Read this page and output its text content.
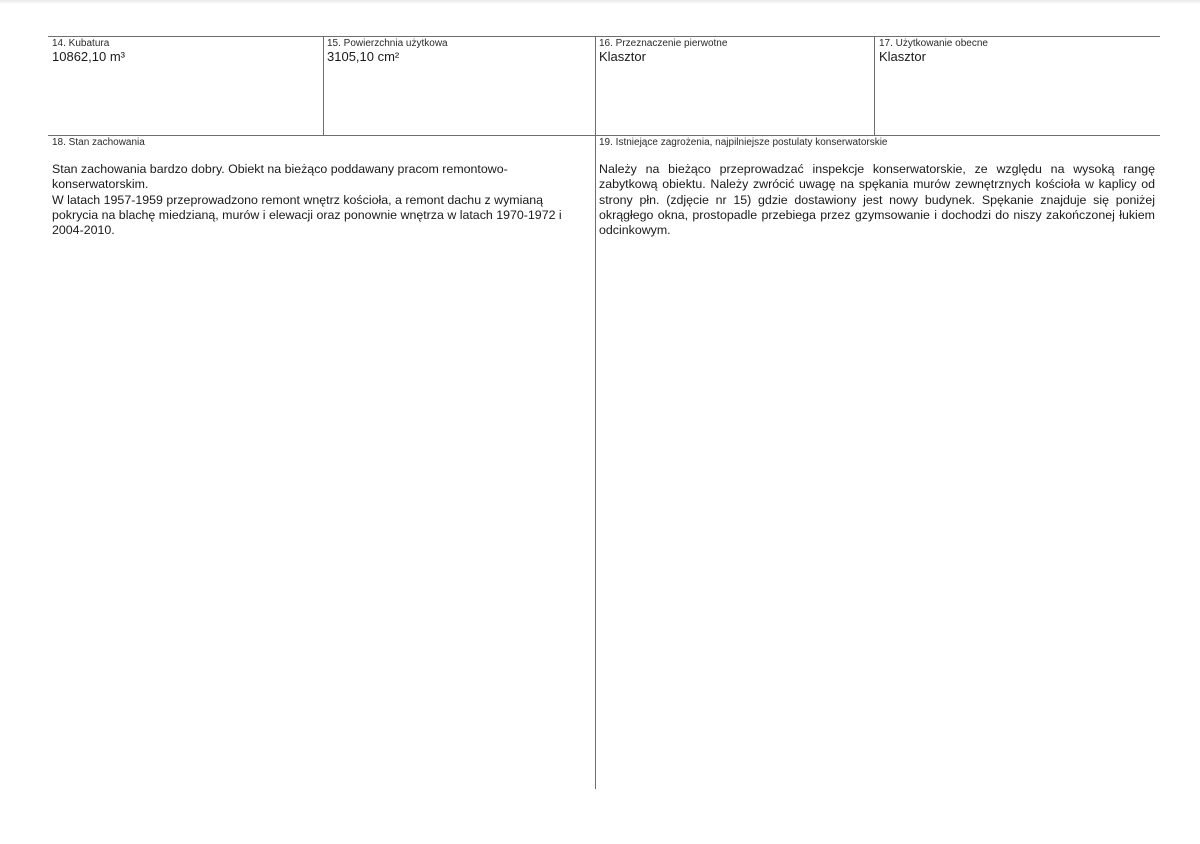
14. Kubatura
10862,10 m³
15. Powierzchnia użytkowa
3105,10 cm²
16. Przeznaczenie pierwotne
Klasztor
17. Użytkowanie obecne
Klasztor
18. Stan zachowania

Stan zachowania bardzo dobry. Obiekt na bieżąco poddawany pracom remontowo-konserwatorskim.

W latach 1957-1959 przeprowadzono remont wnętrz kościoła, a remont dachu z wymianą pokrycia na blachę miedzianą, murów i elewacji oraz ponownie wnętrza w latach 1970-1972 i 2004-2010.

19. Istniejące zagrożenia, najpilniejsze postulaty konserwatorskie

Należy na bieżąco przeprowadzać inspekcje konserwatorskie, ze względu na wysoką rangę zabytkową obiektu. Należy zwrócić uwagę na spękania murów zewnętrznych kościoła w kaplicy od strony płn. (zdjęcie nr 15) gdzie dostawiony jest nowy budynek. Spękanie znajduje się poniżej okrągłego okna, prostopadle przebiega przez gzymsowanie i dochodzi do niszy zakończonej łukiem odcinkowym.
